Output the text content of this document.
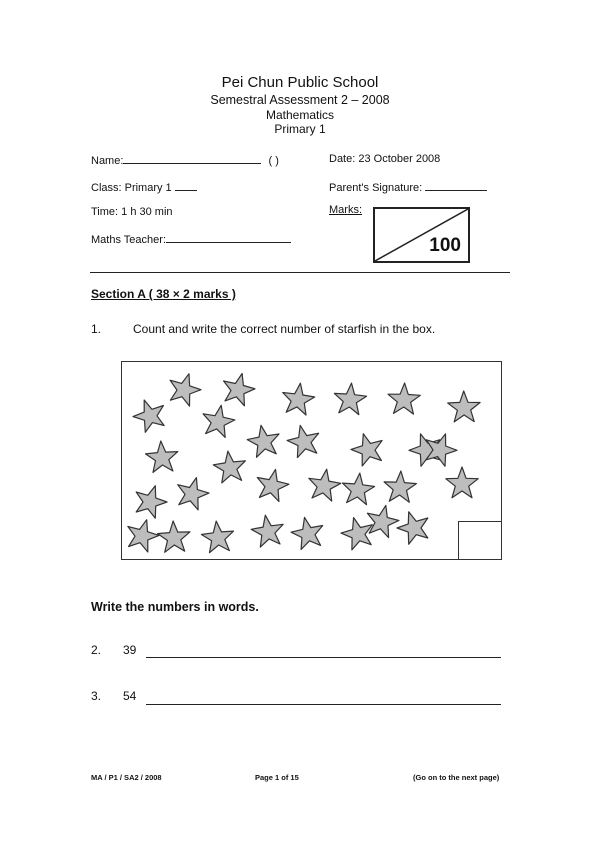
Pei Chun Public School
Semestral Assessment 2 – 2008
Mathematics
Primary 1
Name:	( )	Date: 23 October 2008
Class: Primary 1	Parent's Signature:
Time: 1 h 30 min	Marks:
100
Maths Teacher:
Section A ( 38 × 2 marks )
1.	Count and write the correct number of starfish in the box.
Write the numbers in words.
2. 39
3. 54
MA / P1 / SA2 / 2008	Page 1 of 15	(Go on to the next page)
